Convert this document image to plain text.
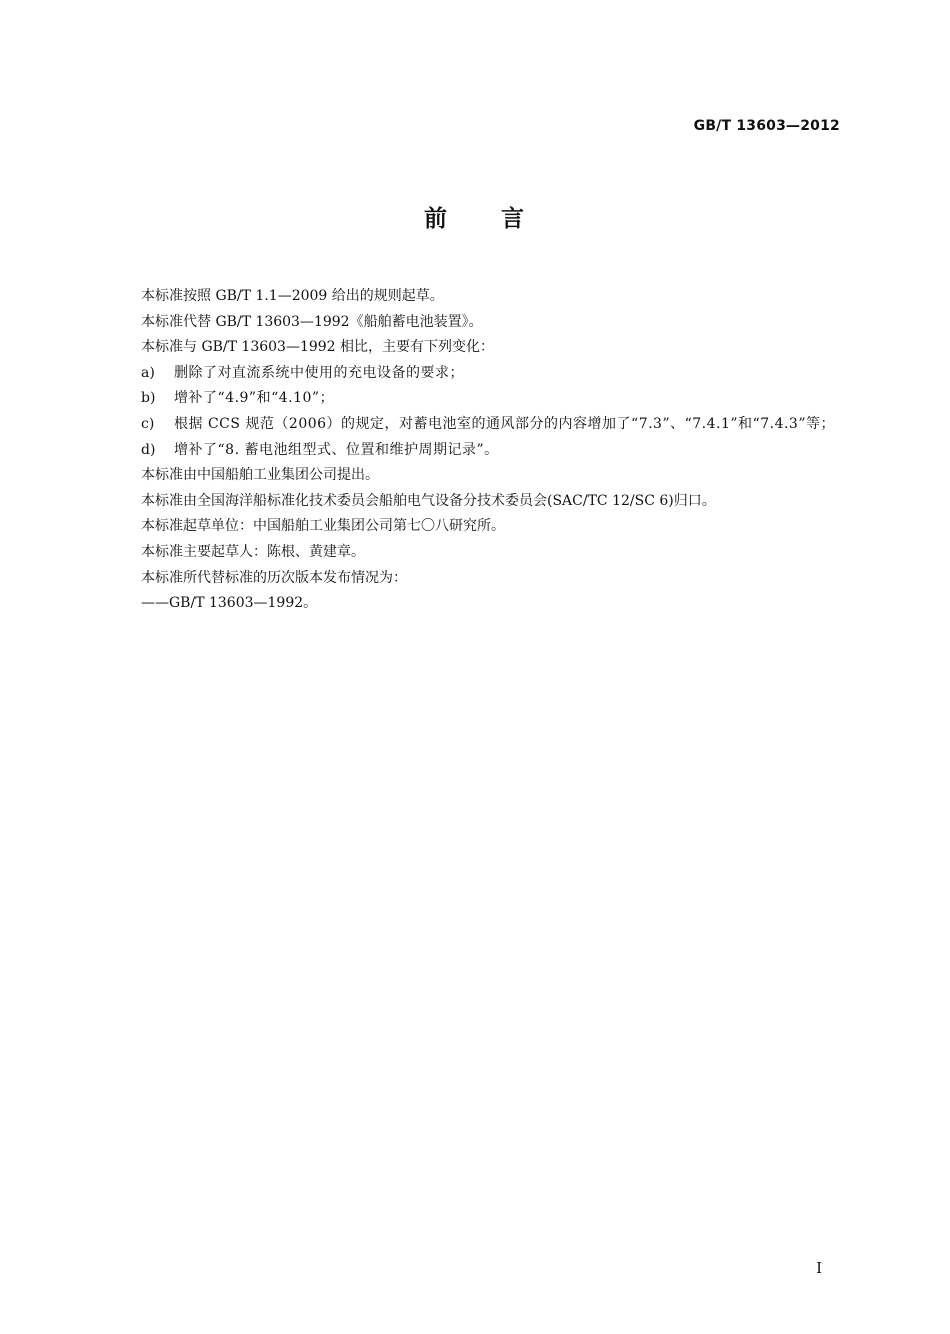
GB/T 13603—2012
前 言
本标准按照 GB/T 1.1—2009 给出的规则起草。
本标准代替 GB/T 13603—1992《船舶蓄电池装置》。
本标准与 GB/T 13603—1992 相比，主要有下列变化：
a)	删除了对直流系统中使用的充电设备的要求；
b)	增补了“4.9”和“4.10”；
c)	根据 CCS 规范（2006）的规定，对蓄电池室的通风部分的内容增加了“7.3”、“7.4.1”和“7.4.3”等；
d)	增补了“8. 蓄电池组型式、位置和维护周期记录”。
本标准由中国船舶工业集团公司提出。
本标准由全国海洋船标准化技术委员会船舶电气设备分技术委员会(SAC/TC 12/SC 6)归口。
本标准起草单位：中国船舶工业集团公司第七〇八研究所。
本标准主要起草人：陈根、黄建章。
本标准所代替标准的历次版本发布情况为：
——GB/T 13603—1992。
I
